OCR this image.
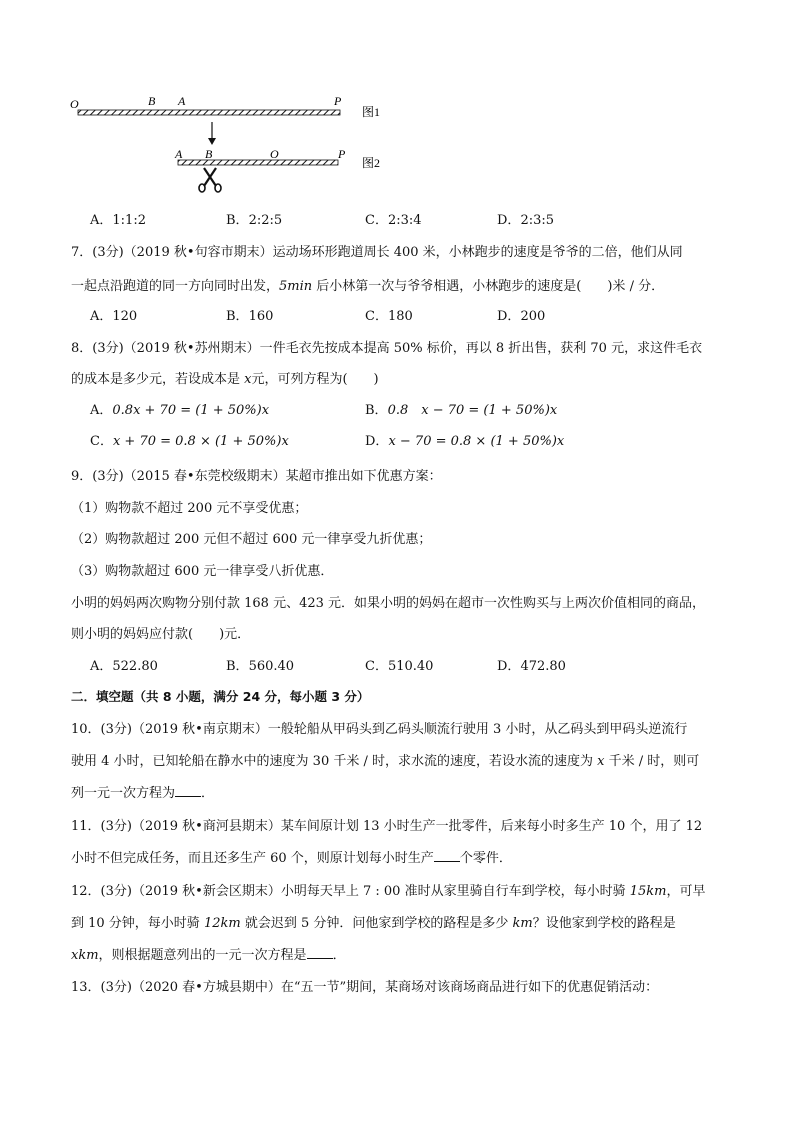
O	B A	P
图1
A B	O	P
图2
A．1:1:2	B．2:2:5	C．2:3:4	D．2:3:5
7．(3分)（2019 秋•句容市期末）运动场环形跑道周长 400 米，小林跑步的速度是爷爷的二倍，他们从同
一起点沿跑道的同一方向同时出发，5min 后小林第一次与爷爷相遇，小林跑步的速度是(　　)米 / 分．
A．120	B．160	C．180	D．200
8．(3分)（2019 秋•苏州期末）一件毛衣先按成本提高 50% 标价，再以 8 折出售，获利 70 元，求这件毛衣
的成本是多少元，若设成本是 x元，可列方程为(　　)
A．0.8x + 70 = (1 + 50%)x	B．0.8　x − 70 = (1 + 50%)x
C．x + 70 = 0.8 × (1 + 50%)x	D．x − 70 = 0.8 × (1 + 50%)x
9．(3分)（2015 春•东莞校级期末）某超市推出如下优惠方案：
（1）购物款不超过 200 元不享受优惠；
（2）购物款超过 200 元但不超过 600 元一律享受九折优惠；
（3）购物款超过 600 元一律享受八折优惠．
小明的妈妈两次购物分别付款 168 元、423 元．如果小明的妈妈在超市一次性购买与上两次价值相同的商品，
则小明的妈妈应付款(　　)元．
A．522.80	B．560.40	C．510.40	D．472.80
二．填空题（共 8 小题，满分 24 分，每小题 3 分）
10．(3分)（2019 秋•南京期末）一般轮船从甲码头到乙码头顺流行驶用 3 小时，从乙码头到甲码头逆流行
驶用 4 小时，已知轮船在静水中的速度为 30 千米 / 时，求水流的速度，若设水流的速度为 x 千米 / 时，则可
列一元一次方程为 ．
11．(3分)（2019 秋•商河县期末）某车间原计划 13 小时生产一批零件，后来每小时多生产 10 个，用了 12
小时不但完成任务，而且还多生产 60 个，则原计划每小时生产 个零件．
12．(3分)（2019 秋•新会区期末）小明每天早上 7 : 00 准时从家里骑自行车到学校，每小时骑 15km，可早
到 10 分钟，每小时骑 12km 就会迟到 5 分钟．问他家到学校的路程是多少 km？设他家到学校的路程是
xkm，则根据题意列出的一元一次方程是 ．
13．(3分)（2020 春•方城县期中）在“五一节”期间，某商场对该商场商品进行如下的优惠促销活动：
